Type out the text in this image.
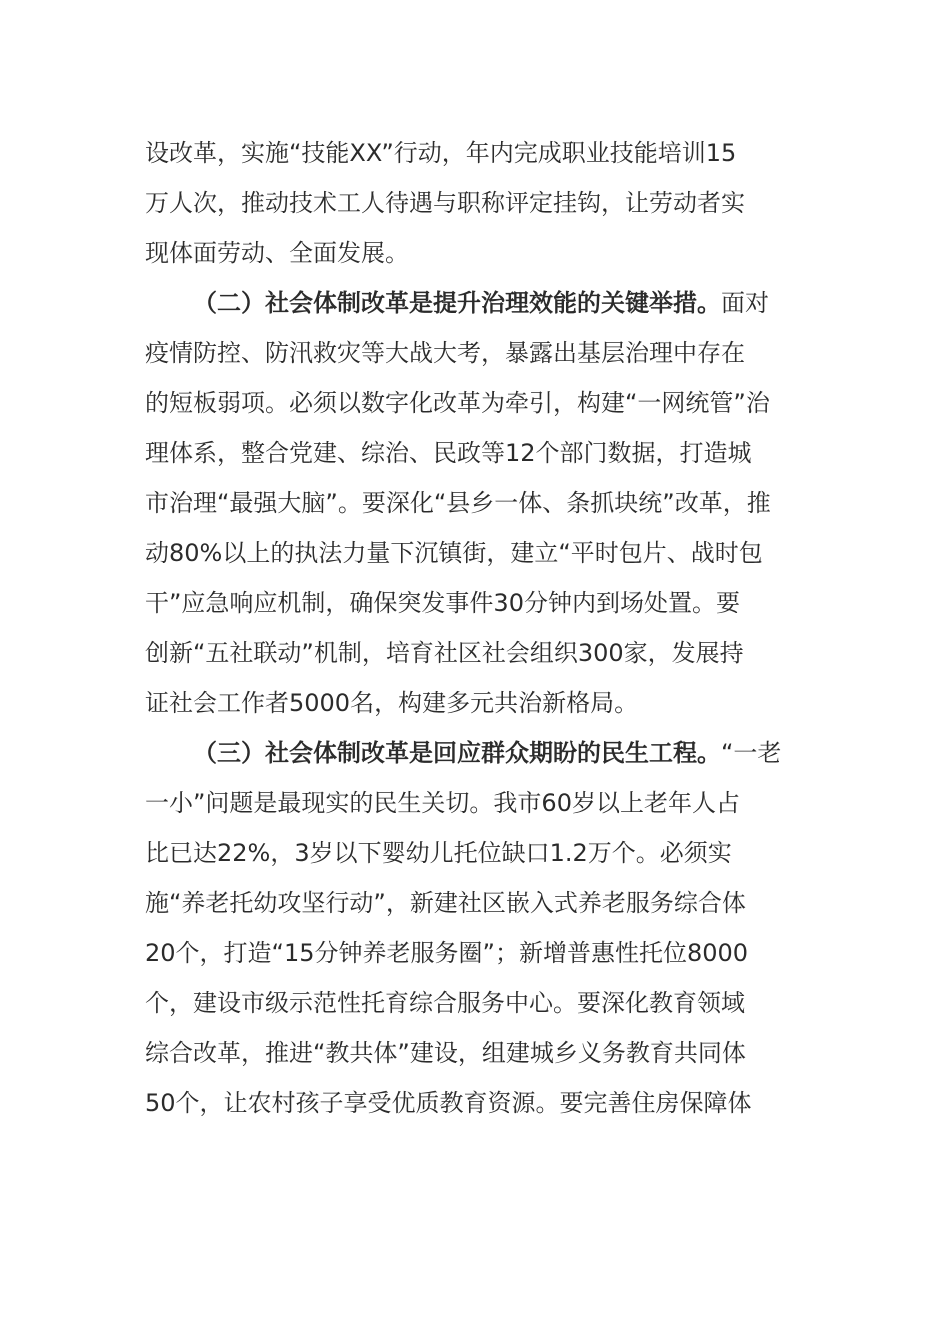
设改革，实施“技能XX”行动，年内完成职业技能培训15
万人次，推动技术工人待遇与职称评定挂钩，让劳动者实
现体面劳动、全面发展。
（二）社会体制改革是提升治理效能的关键举措。面对
疫情防控、防汛救灾等大战大考，暴露出基层治理中存在
的短板弱项。必须以数字化改革为牵引，构建“一网统管”治
理体系，整合党建、综治、民政等12个部门数据，打造城
市治理“最强大脑”。要深化“县乡一体、条抓块统”改革，推
动80%以上的执法力量下沉镇街，建立“平时包片、战时包
干”应急响应机制，确保突发事件30分钟内到场处置。要
创新“五社联动”机制，培育社区社会组织300家，发展持
证社会工作者5000名，构建多元共治新格局。
（三）社会体制改革是回应群众期盼的民生工程。“一老
一小”问题是最现实的民生关切。我市60岁以上老年人占
比已达22%，3岁以下婴幼儿托位缺口1.2万个。必须实
施“养老托幼攻坚行动”，新建社区嵌入式养老服务综合体
20个，打造“15分钟养老服务圈”；新增普惠性托位8000
个，建设市级示范性托育综合服务中心。要深化教育领域
综合改革，推进“教共体”建设，组建城乡义务教育共同体
50个，让农村孩子享受优质教育资源。要完善住房保障体
